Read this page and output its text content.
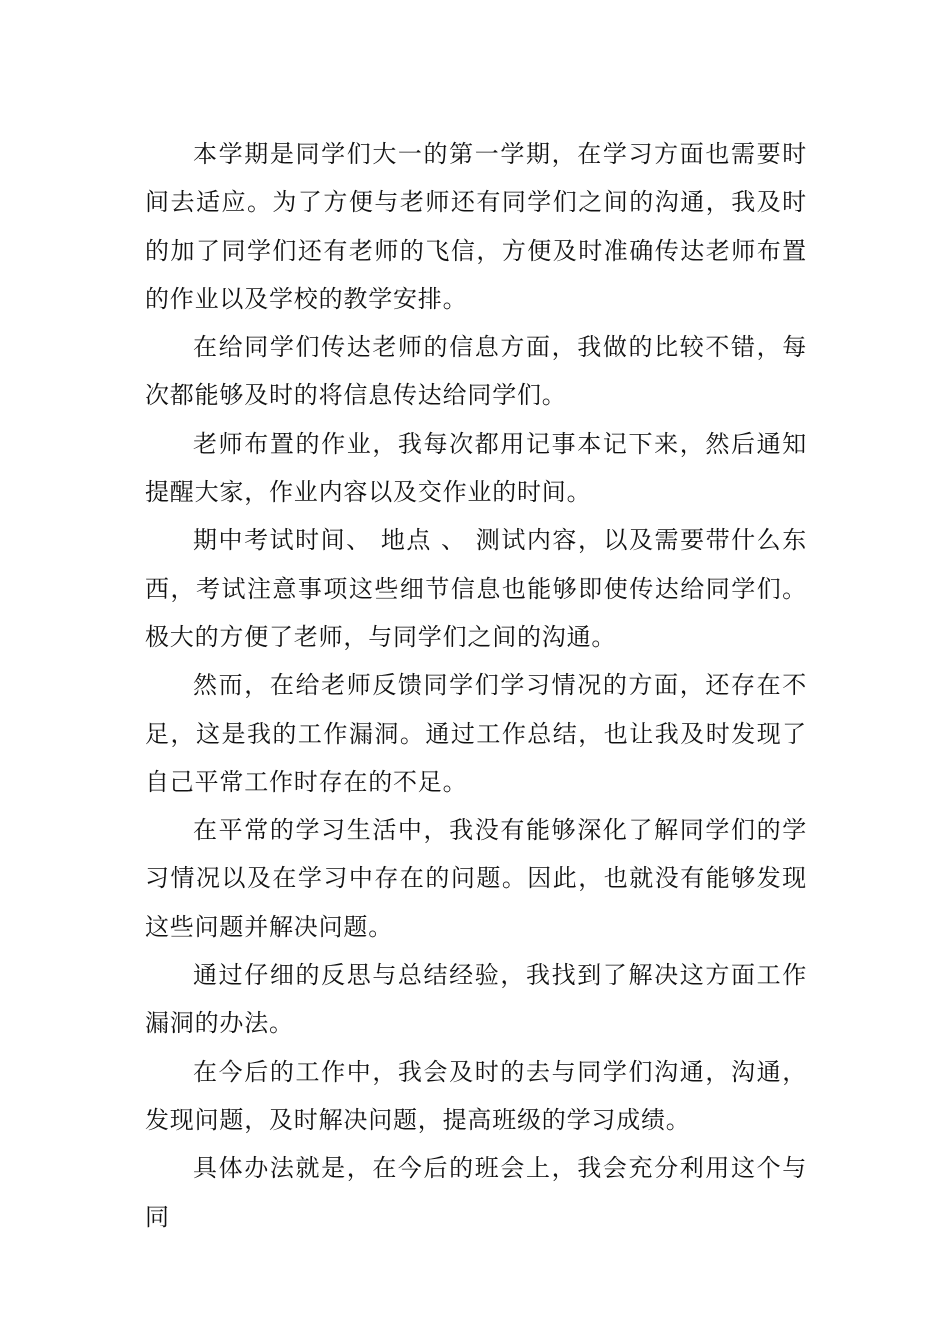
本学期是同学们大一的第一学期，在学习方面也需要时间去适应。为了方便与老师还有同学们之间的沟通，我及时的加了同学们还有老师的飞信，方便及时准确传达老师布置的作业以及学校的教学安排。

在给同学们传达老师的信息方面，我做的比较不错，每次都能够及时的将信息传达给同学们。

老师布置的作业，我每次都用记事本记下来，然后通知提醒大家，作业内容以及交作业的时间。

期中考试时间、 地点 、 测试内容，以及需要带什么东西，考试注意事项这些细节信息也能够即使传达给同学们。极大的方便了老师，与同学们之间的沟通。

然而，在给老师反馈同学们学习情况的方面，还存在不足，这是我的工作漏洞。通过工作总结，也让我及时发现了自己平常工作时存在的不足。

在平常的学习生活中，我没有能够深化了解同学们的学习情况以及在学习中存在的问题。因此，也就没有能够发现这些问题并解决问题。

通过仔细的反思与总结经验，我找到了解决这方面工作漏洞的办法。

在今后的工作中，我会及时的去与同学们沟通，沟通，发现问题，及时解决问题，提高班级的学习成绩。

具体办法就是，在今后的班会上，我会充分利用这个与同
